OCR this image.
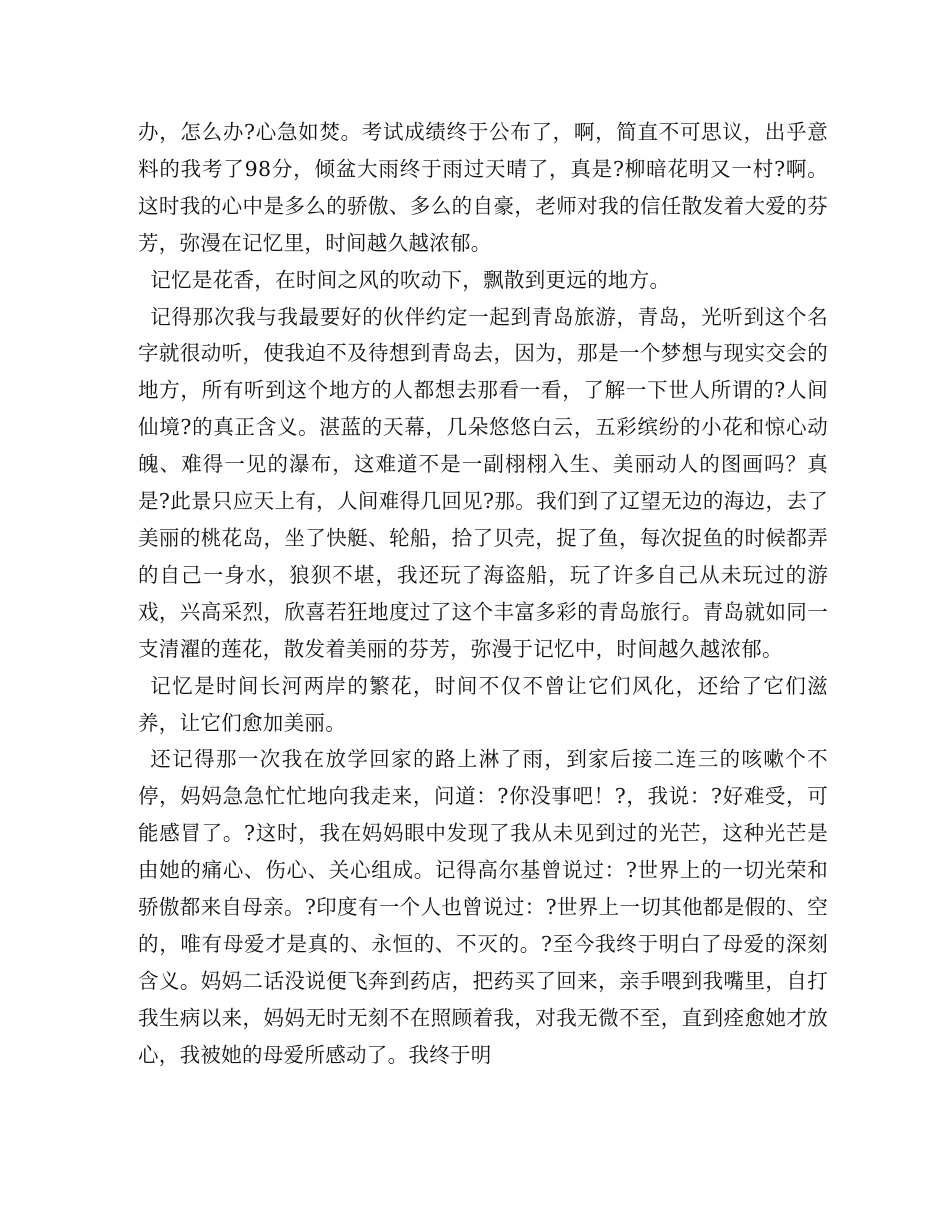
办，怎么办?心急如焚。考试成绩终于公布了，啊，简直不可思议，出乎意料的我考了98分，倾盆大雨终于雨过天晴了，真是?柳暗花明又一村?啊。这时我的心中是多么的骄傲、多么的自豪，老师对我的信任散发着大爱的芬芳，弥漫在记忆里，时间越久越浓郁。

记忆是花香，在时间之风的吹动下，飘散到更远的地方。

记得那次我与我最要好的伙伴约定一起到青岛旅游，青岛，光听到这个名字就很动听，使我迫不及待想到青岛去，因为，那是一个梦想与现实交会的地方，所有听到这个地方的人都想去那看一看，了解一下世人所谓的?人间仙境?的真正含义。湛蓝的天幕，几朵悠悠白云，五彩缤纷的小花和惊心动魄、难得一见的瀑布，这难道不是一副栩栩入生、美丽动人的图画吗？真是?此景只应天上有，人间难得几回见?那。我们到了辽望无边的海边，去了美丽的桃花岛，坐了快艇、轮船，拾了贝壳，捉了鱼，每次捉鱼的时候都弄的自己一身水，狼狈不堪，我还玩了海盗船，玩了许多自己从未玩过的游戏，兴高采烈，欣喜若狂地度过了这个丰富多彩的青岛旅行。青岛就如同一支清濯的莲花，散发着美丽的芬芳，弥漫于记忆中，时间越久越浓郁。

记忆是时间长河两岸的繁花，时间不仅不曾让它们风化，还给了它们滋养，让它们愈加美丽。

还记得那一次我在放学回家的路上淋了雨，到家后接二连三的咳嗽个不停，妈妈急急忙忙地向我走来，问道：?你没事吧！?，我说：?好难受，可能感冒了。?这时，我在妈妈眼中发现了我从未见到过的光芒，这种光芒是由她的痛心、伤心、关心组成。记得高尔基曾说过：?世界上的一切光荣和骄傲都来自母亲。?印度有一个人也曾说过：?世界上一切其他都是假的、空的，唯有母爱才是真的、永恒的、不灭的。?至今我终于明白了母爱的深刻含义。妈妈二话没说便飞奔到药店，把药买了回来，亲手喂到我嘴里，自打我生病以来，妈妈无时无刻不在照顾着我，对我无微不至，直到痊愈她才放心，我被她的母爱所感动了。我终于明
